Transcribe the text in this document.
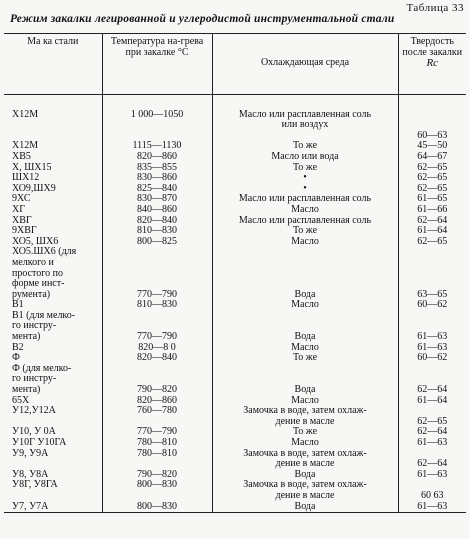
Таблица 33
Режим закалки легированной и углеродистой инструментальной стали
Ма ка стали	Температура на-грева при закалке °C	Охлаждающая среда	Твердость после закалки
Rc

Х12М	1 000—1050	Масло или расплавленная соль	
		или воздух	
			60—63
Х12М	1115—1130	То же	45—50
ХВ5	820—860	Масло или вода	64—67
Х, ШХ15	835—855	То же	62—65
ШХ12	830—860	•	62—65
ХО9,ШХ9	825—840	•	62—65
9ХС	830—870	Масло или расплавленная соль	61—65
ХГ	840—860	Масло	61—66
ХВГ	820—840	Масло или расплавленная соль	62—64
9ХВГ	810—830	То же	61—64
ХО5, ШХ6	800—825	Масло	62—65
ХО5.ШХ6 (для			
мелкого и			
простого по			
форме инст-			
румента)	770—790	Вода	63—65
В1	810—830	Масло	60—62
В1 (для мелко-			
го инстру-			
мента)	770—790	Вода	61—63
В2	820—8 0	Масло	61—63
Ф	820—840	То же	60—62
Ф (для мелко-			
го инстру-			
мента)	790—820	Вода	62—64
65Х	820—860	Масло	61—64
У12,У12А	760—780	Замочка в воде, затем охлаж-	
		дение в масле	62—65
У10, У 0А	770—790	То же	62—64
У10Г У10ГА	780—810	Масло	61—63
У9, У9А	780—810	Замочка в воде, затем охлаж-	
		дение в масле	62—64
У8, У8А	790—820	Вода	61—63
У8Г, У8ГА	800—830	Замочка в воде, затем охлаж-	
		дение в масле	60 63
У7, У7А	800—830	Вода	61—63
